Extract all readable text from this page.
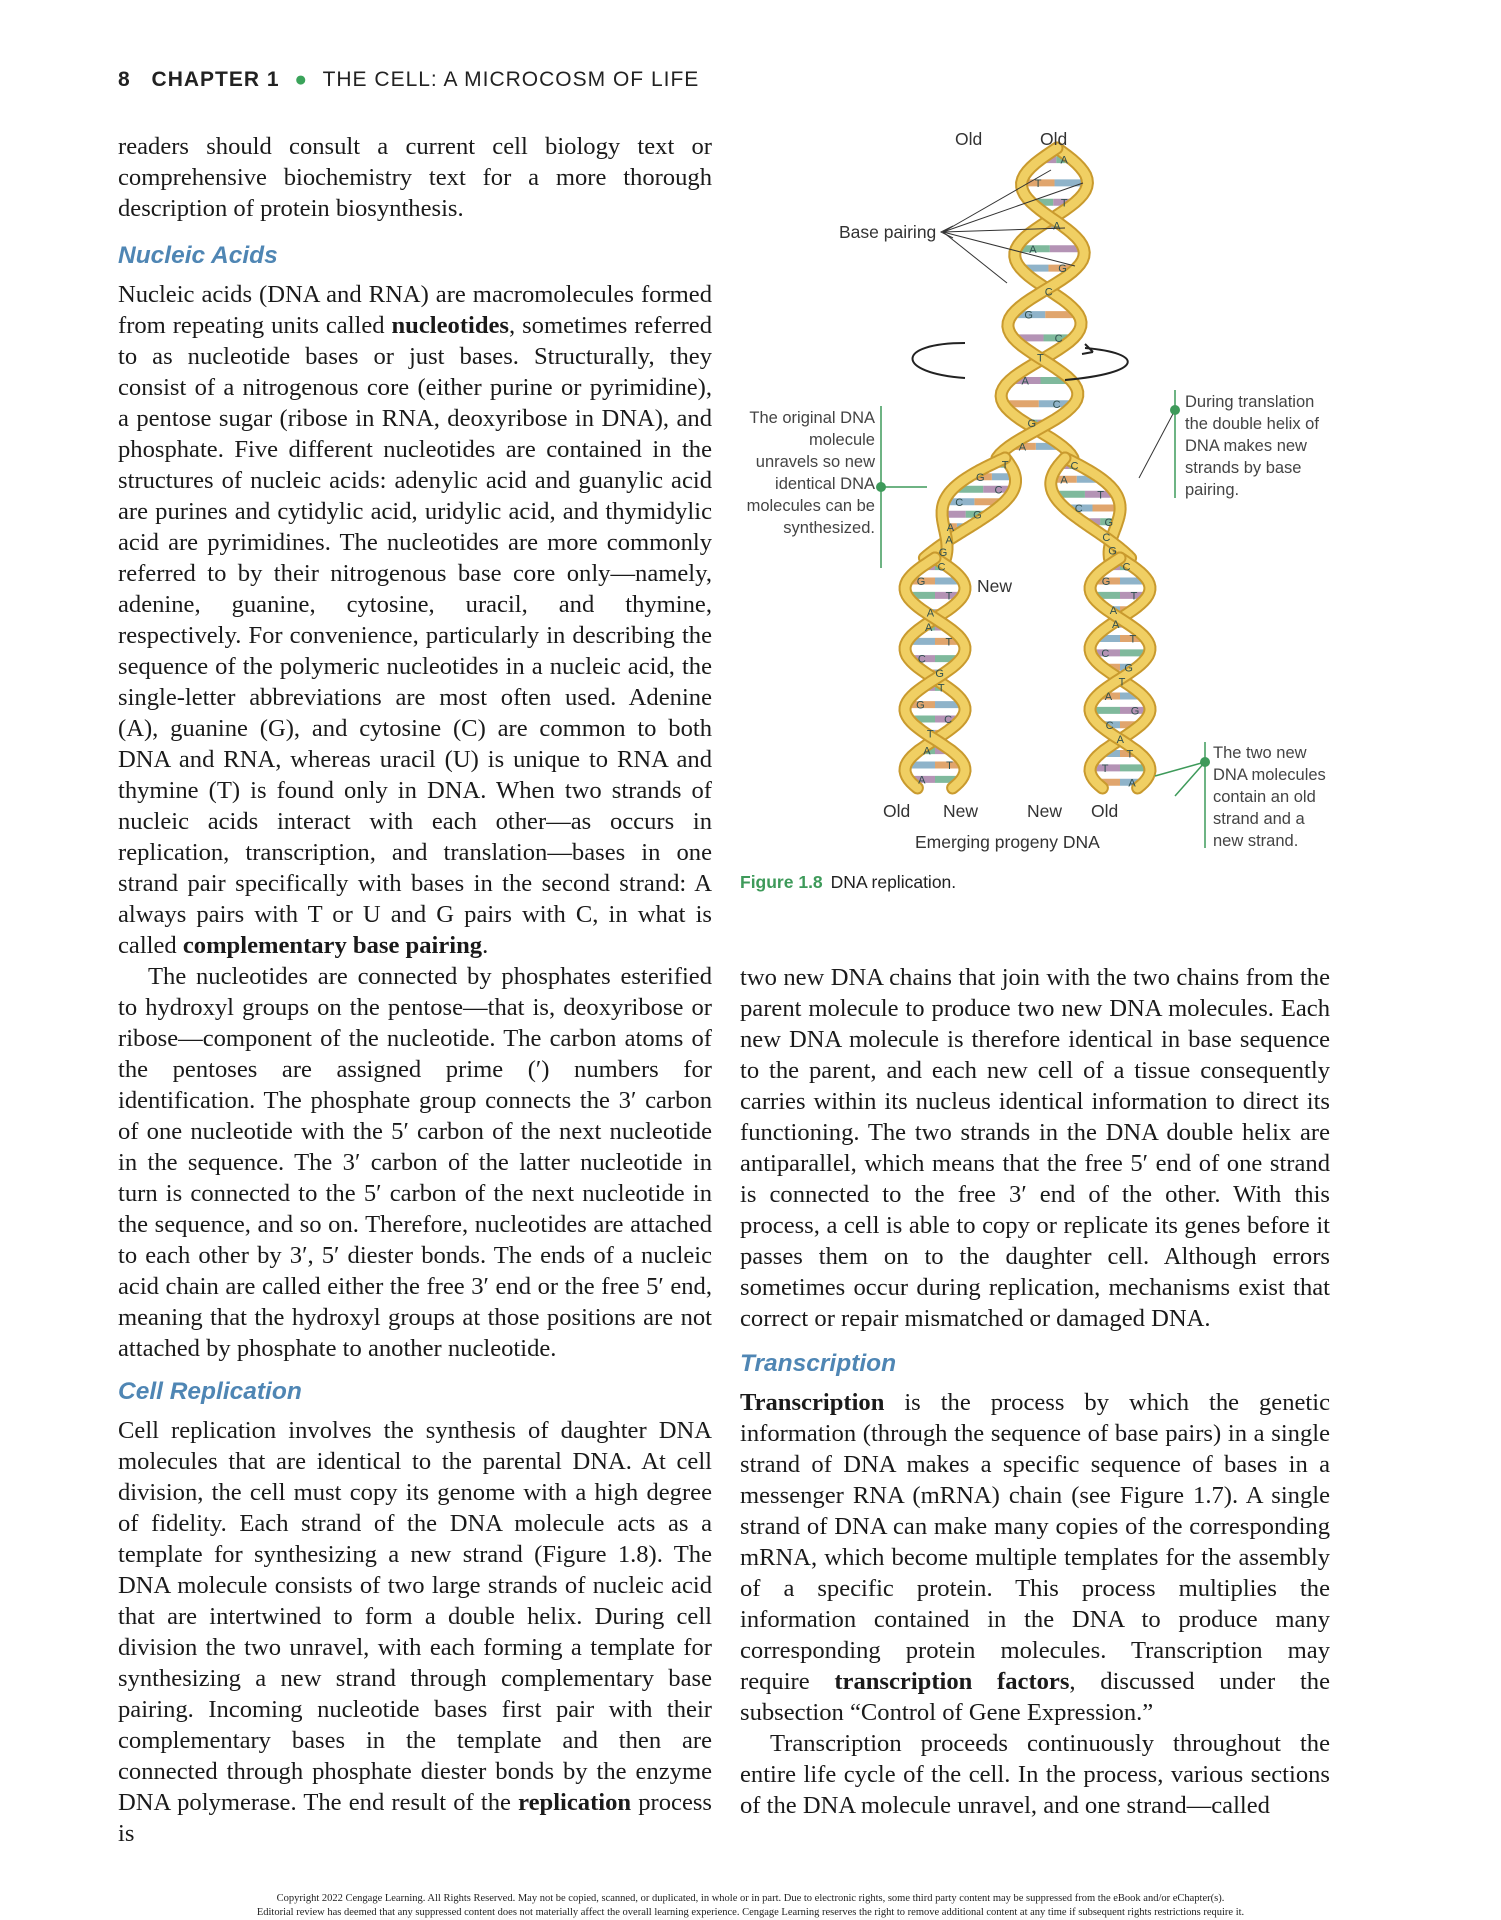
8 CHAPTER 1 ● THE CELL: A MICROCOSM OF LIFE

readers should consult a current cell biology text or comprehensive biochemistry text for a more thorough description of protein biosynthesis.

Nucleic Acids

Nucleic acids (DNA and RNA) are macromolecules formed from repeating units called nucleotides, sometimes referred to as nucleotide bases or just bases. Structurally, they consist of a nitrogenous core (either purine or pyrimidine), a pentose sugar (ribose in RNA, deoxyribose in DNA), and phosphate. Five different nucleotides are contained in the structures of nucleic acids: adenylic acid and guanylic acid are purines and cytidylic acid, uridylic acid, and thymidylic acid are pyrimidines. The nucleotides are more commonly referred to by their nitrogenous base core only—namely, adenine, guanine, cytosine, uracil, and thymine, respectively. For convenience, particularly in describing the sequence of the polymeric nucleotides in a nucleic acid, the single-letter abbreviations are most often used. Adenine (A), guanine (G), and cytosine (C) are common to both DNA and RNA, whereas uracil (U) is unique to RNA and thymine (T) is found only in DNA. When two strands of nucleic acids interact with each other—as occurs in replication, transcription, and translation—bases in one strand pair specifically with bases in the second strand: A always pairs with T or U and G pairs with C, in what is called complementary base pairing.

The nucleotides are connected by phosphates esterified to hydroxyl groups on the pentose—that is, deoxyribose or ribose—component of the nucleotide. The carbon atoms of the pentoses are assigned prime (′) numbers for identification. The phosphate group connects the 3′ carbon of one nucleotide with the 5′ carbon of the next nucleotide in the sequence. The 3′ carbon of the latter nucleotide in turn is connected to the 5′ carbon of the next nucleotide in the sequence, and so on. Therefore, nucleotides are attached to each other by 3′, 5′ diester bonds. The ends of a nucleic acid chain are called either the free 3′ end or the free 5′ end, meaning that the hydroxyl groups at those positions are not attached by phosphate to another nucleotide.

Cell Replication

Cell replication involves the synthesis of daughter DNA molecules that are identical to the parental DNA. At cell division, the cell must copy its genome with a high degree of fidelity. Each strand of the DNA molecule acts as a template for synthesizing a new strand (Figure 1.8). The DNA molecule consists of two large strands of nucleic acid that are intertwined to form a double helix. During cell division the two unravel, with each forming a template for synthesizing a new strand through complementary base pairing. Incoming nucleotide bases first pair with their complementary bases in the template and then are connected through phosphate diester bonds by the enzyme DNA polymerase. The end result of the replication process is

two new DNA chains that join with the two chains from the parent molecule to produce two new DNA molecules. Each new DNA molecule is therefore identical in base sequence to the parent, and each new cell of a tissue consequently carries within its nucleus identical information to direct its functioning. The two strands in the DNA double helix are antiparallel, which means that the free 5′ end of one strand is connected to the free 3′ end of the other. With this process, a cell is able to copy or replicate its genes before it passes them on to the daughter cell. Although errors sometimes occur during replication, mechanisms exist that correct or repair mismatched or damaged DNA.

Transcription

Transcription is the process by which the genetic information (through the sequence of base pairs) in a single strand of DNA makes a specific sequence of bases in a messenger RNA (mRNA) chain (see Figure 1.7). A single strand of DNA can make many copies of the corresponding mRNA, which become multiple templates for the assembly of a specific protein. This process multiplies the information contained in the DNA to produce many corresponding protein molecules. Transcription may require transcription factors, discussed under the subsection “Control of Gene Expression.”

Transcription proceeds continuously throughout the entire life cycle of the cell. In the process, various sections of the DNA molecule unravel, and one strand—called

A
T
T
A
A
G
C
G
C
T
A
C
G
A
T
G
C
C
G
A
A
G
C
A
T
C
G
C
G
C
G
T
A
A
T
C
G
T
G
C
T
A
T
A
C
G
T
A
A
T
C
G
T
A
G
C
A
T
T
A
Old	Old
Base pairing
The original DNA molecule unravels so new identical DNA molecules can be synthesized.
New
During translation the double helix of DNA makes new strands by base pairing.
The two new DNA molecules contain an old strand and a new strand.
Old New	New Old
Emerging progeny DNA
Figure 1.8 DNA replication.
Copyright 2022 Cengage Learning. All Rights Reserved. May not be copied, scanned, or duplicated, in whole or in part. Due to electronic rights, some third party content may be suppressed from the eBook and/or eChapter(s).
Editorial review has deemed that any suppressed content does not materially affect the overall learning experience. Cengage Learning reserves the right to remove additional content at any time if subsequent rights restrictions require it.
